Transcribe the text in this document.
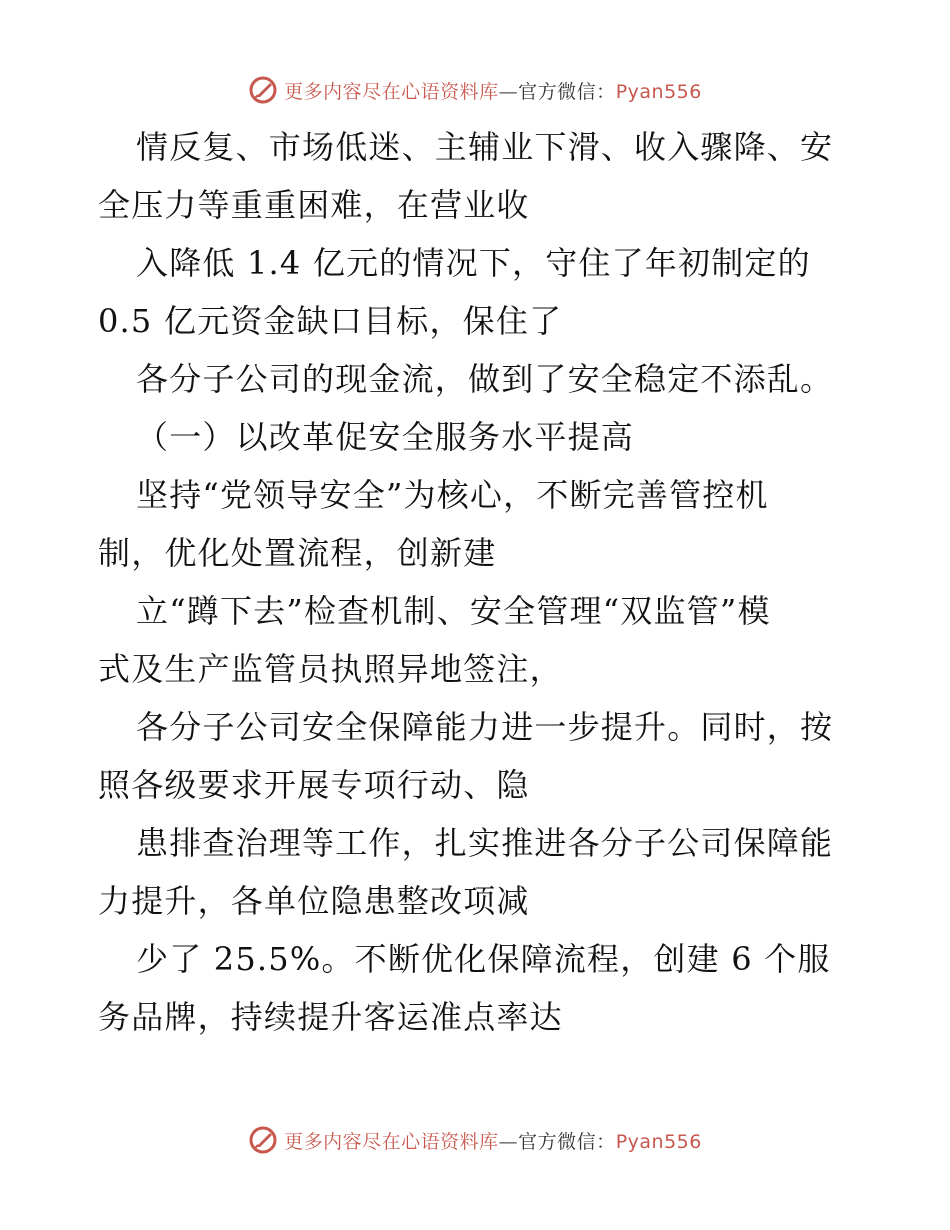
更多内容尽在心语资料库—官方微信：Pyan556
情反复、市场低迷、主辅业下滑、收入骤降、安
全压力等重重困难，在营业收
入降低 1.4 亿元的情况下，守住了年初制定的
0.5 亿元资金缺口目标，保住了
各分子公司的现金流，做到了安全稳定不添乱。
（一）以改革促安全服务水平提高
坚持“党领导安全”为核心，不断完善管控机
制，优化处置流程，创新建
立“蹲下去”检查机制、安全管理“双监管”模
式及生产监管员执照异地签注，
各分子公司安全保障能力进一步提升。同时，按
照各级要求开展专项行动、隐
患排查治理等工作，扎实推进各分子公司保障能
力提升，各单位隐患整改项减
少了 25.5%。不断优化保障流程，创建 6 个服
务品牌，持续提升客运准点率达
更多内容尽在心语资料库—官方微信：Pyan556
